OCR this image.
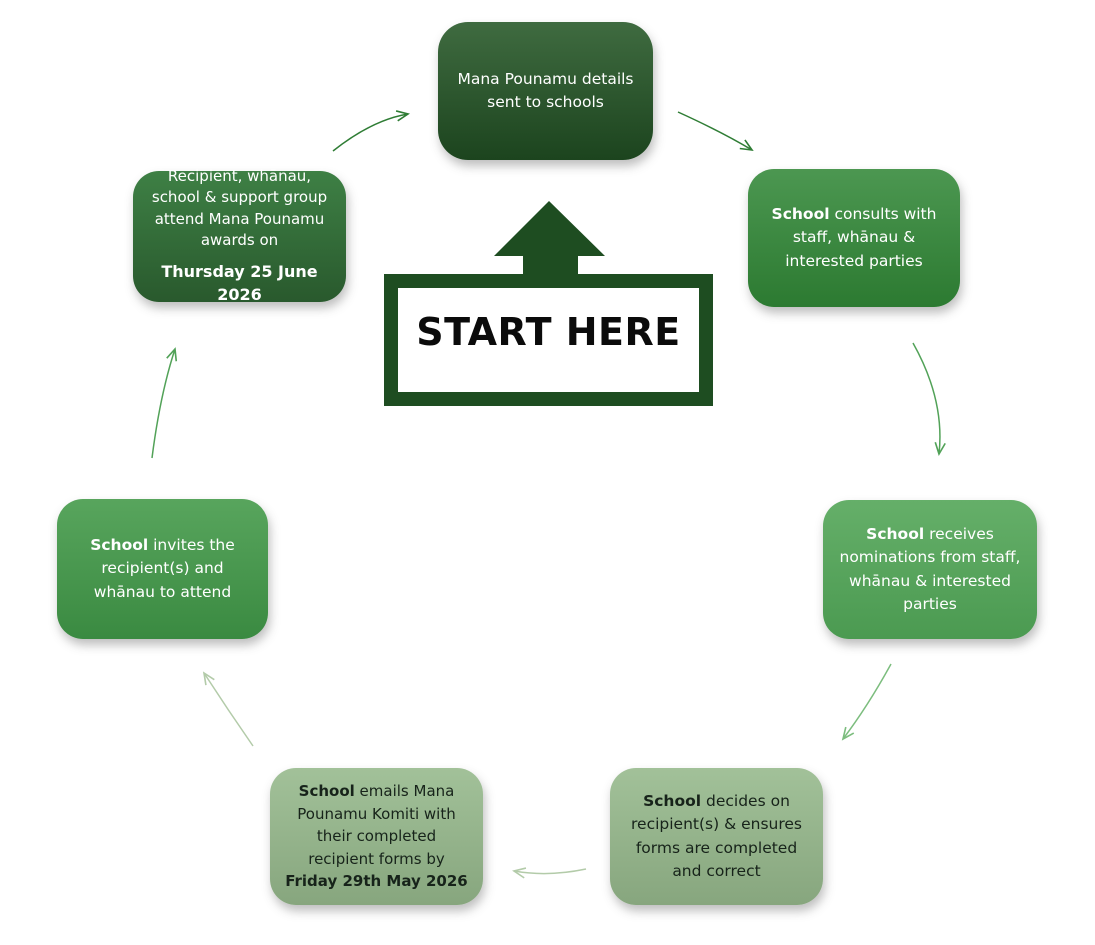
Mana Pounamu details sent to schools

School consults with staff, whānau & interested parties

School receives nominations from staff, whānau & interested parties

School decides on recipient(s) & ensures forms are completed and correct

School emails Mana Pounamu Komiti with their completed recipient forms by Friday 29th May 2026

School invites the recipient(s) and whānau to attend

Recipient, whānau, school & support group attend Mana Pounamu awards on

Thursday 25 June 2026

START HERE
